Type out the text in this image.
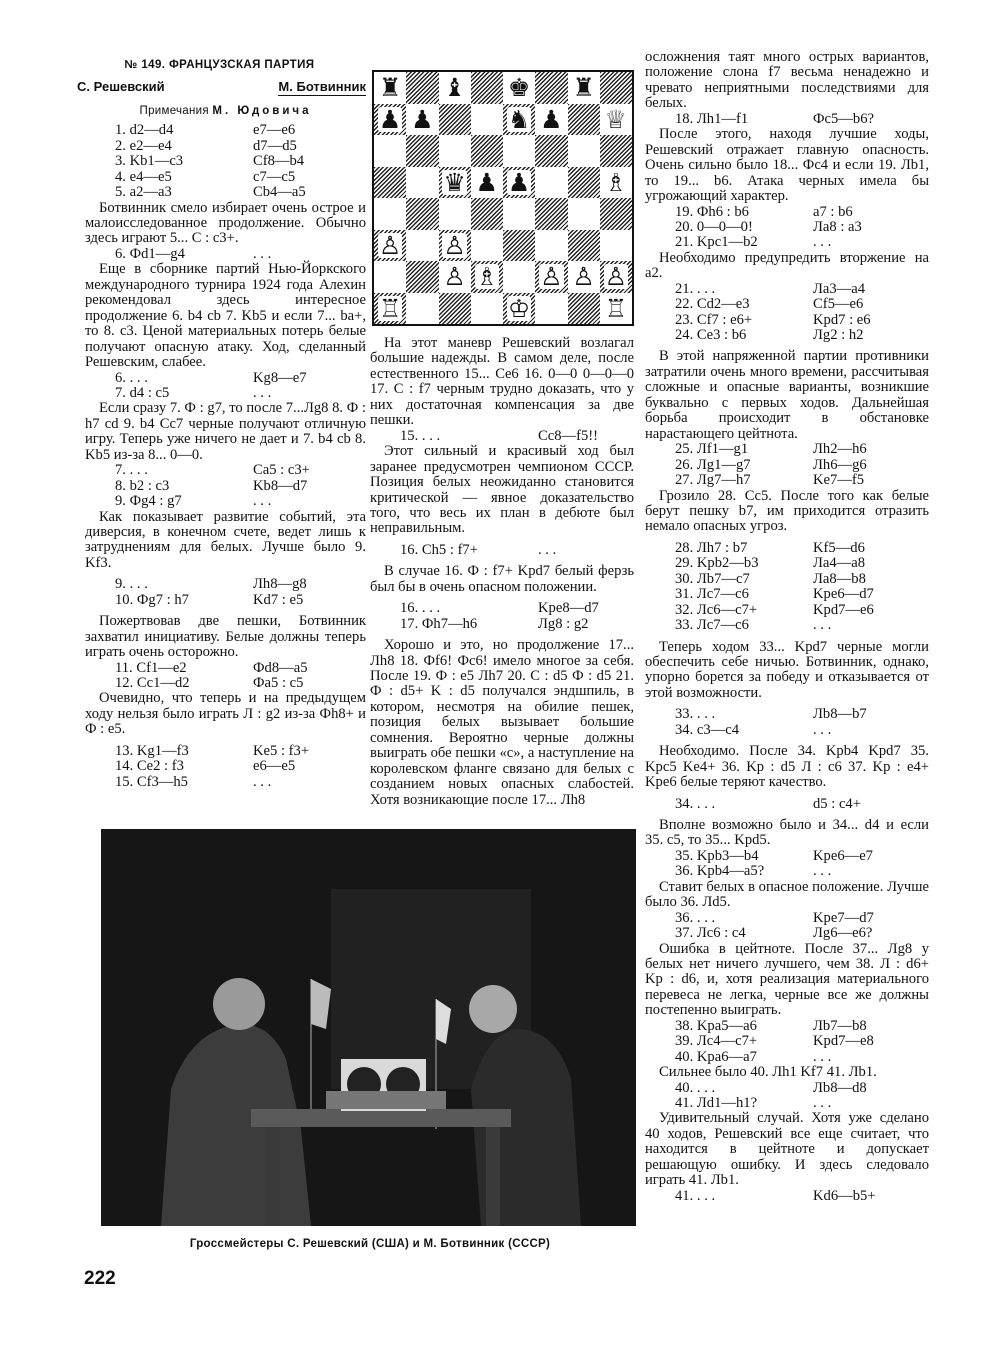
№ 149. ФРАНЦУЗСКАЯ ПАРТИЯ
С. Решевский	М. Ботвинник
Примечания М. Юдовича
1. d2—d4	e7—e6
2. e2—e4	d7—d5
3. Kb1—c3	Cf8—b4
4. e4—e5	c7—c5
5. a2—a3	Cb4—a5

Ботвинник смело избирает очень острое и малоисследованное продолжение. Обычно здесь играют 5... C : c3+.

6. Фd1—g4	. . .

Еще в сборнике партий Нью-Йоркского международного турнира 1924 года Алехин рекомендовал здесь интересное продолжение 6. b4 cb 7. Kb5 и если 7... ba+, то 8. c3. Ценой материальных потерь белые получают опасную атаку. Ход, сделанный Решевским, слабее.

6. . . .	Kg8—e7
7. d4 : c5	. . .

Если сразу 7. Ф : g7, то после 7...Лg8 8. Ф : h7 cd 9. b4 Cc7 черные получают отличную игру. Теперь уже ничего не дает и 7. b4 cb 8. Kb5 из-за 8... 0—0.

7. . . .	Ca5 : c3+
8. b2 : c3	Kb8—d7
9. Фg4 : g7	. . .

Как показывает развитие событий, эта диверсия, в конечном счете, ведет лишь к затруднениям для белых. Лучше было 9. Kf3.

9. . . .	Лh8—g8
10. Фg7 : h7	Kd7 : e5

Пожертвовав две пешки, Ботвинник захватил инициативу. Белые должны теперь играть очень осторожно.

11. Cf1—e2	Фd8—a5
12. Cc1—d2	Фa5 : c5

Очевидно, что теперь и на предыдущем ходу нельзя было играть Л : g2 из-за Фh8+ и Ф : e5.

13. Kg1—f3	Ke5 : f3+
14. Ce2 : f3	e6—e5
15. Cf3—h5	. . .
♜ ♝ ♚ ♜
♟ ♟	♞ ♟ ♕
♛ ♟ ♟	♗
♙ ♙
♙ ♗ ♙ ♙ ♙
♖	♔	♖

На этот маневр Решевский возлагал большие надежды. В самом деле, после естественного 15... Ce6 16. 0—0 0—0—0 17. C : f7 черным трудно доказать, что у них достаточная компенсация за две пешки.

15. . . .	Cc8—f5!!

Этот сильный и красивый ход был заранее предусмотрен чемпионом СССР. Позиция белых неожиданно становится критической — явное доказательство того, что весь их план в дебюте был неправильным.

16. Ch5 : f7+	. . .

В случае 16. Ф : f7+ Kpd7 белый ферзь был бы в очень опасном положении.

16. . . .	Kpe8—d7
17. Фh7—h6	Лg8 : g2

Хорошо и это, но продолжение 17... Лh8 18. Фf6! Фc6! имело многое за себя. После 19. Ф : e5 Лh7 20. C : d5 Ф : d5 21. Ф : d5+ K : d5 получался эндшпиль, в котором, несмотря на обилие пешек, позиция белых вызывает большие сомнения. Вероятно черные должны выиграть обе пешки «c», а наступление на королевском фланге связано для белых с созданием новых опасных слабостей. Хотя возникающие после 17... Лh8

осложнения таят много острых вариантов, положение слона f7 весьма ненадежно и чревато неприятными последствиями для белых.

18. Лh1—f1	Фc5—b6?

После этого, находя лучшие ходы, Решевский отражает главную опасность. Очень сильно было 18... Фc4 и если 19. Лb1, то 19... b6. Атака черных имела бы угрожающий характер.

19. Фh6 : b6	a7 : b6
20. 0—0—0!	Лa8 : a3
21. Kpc1—b2	. . .

Необходимо предупредить вторжение на a2.

21. . . .	Лa3—a4
22. Cd2—e3	Cf5—e6
23. Cf7 : e6+	Kpd7 : e6
24. Ce3 : b6	Лg2 : h2

В этой напряженной партии противники затратили очень много времени, рассчитывая сложные и опасные варианты, возникшие буквально с первых ходов. Дальнейшая борьба происходит в обстановке нарастающего цейтнота.

25. Лf1—g1	Лh2—h6
26. Лg1—g7	Лh6—g6
27. Лg7—h7	Ke7—f5

Грозило 28. Cc5. После того как белые берут пешку b7, им приходится отразить немало опасных угроз.

28. Лh7 : b7	Kf5—d6
29. Kpb2—b3	Лa4—a8
30. Лb7—c7	Лa8—b8
31. Лc7—c6	Kpe6—d7
32. Лc6—c7+	Kpd7—e6
33. Лc7—c6	. . .

Теперь ходом 33... Kpd7 черные могли обеспечить себе ничью. Ботвинник, однако, упорно борется за победу и отказывается от этой возможности.

33. . . .	Лb8—b7
34. c3—c4	. . .

Необходимо. После 34. Kpb4 Kpd7 35. Kpc5 Ke4+ 36. Kp : d5 Л : c6 37. Kp : e4+ Kpe6 белые теряют качество.

34. . . .	d5 : c4+

Вполне возможно было и 34... d4 и если 35. c5, то 35... Kpd5.

35. Kpb3—b4	Kpe6—e7
36. Kpb4—a5?	. . .

Ставит белых в опасное положение. Лучше было 36. Лd5.

36. . . .	Kpe7—d7
37. Лc6 : c4	Лg6—e6?

Ошибка в цейтноте. После 37... Лg8 у белых нет ничего лучшего, чем 38. Л : d6+ Kp : d6, и, хотя реализация материального перевеса не легка, черные все же должны постепенно выиграть.

38. Kpa5—a6	Лb7—b8
39. Лc4—c7+	Kpd7—e8
40. Kpa6—a7	. . .

Сильнее было 40. Лh1 Kf7 41. Лb1.

40. . . .	Лb8—d8
41. Лd1—h1?	. . .

Удивительный случай. Хотя уже сделано 40 ходов, Решевский все еще считает, что находится в цейтноте и допускает решающую ошибку. И здесь следовало играть 41. Лb1.

41. . . .	Kd6—b5+
Гроссмейстеры С. Решевский (США) и М. Ботвинник (СССР)
222
